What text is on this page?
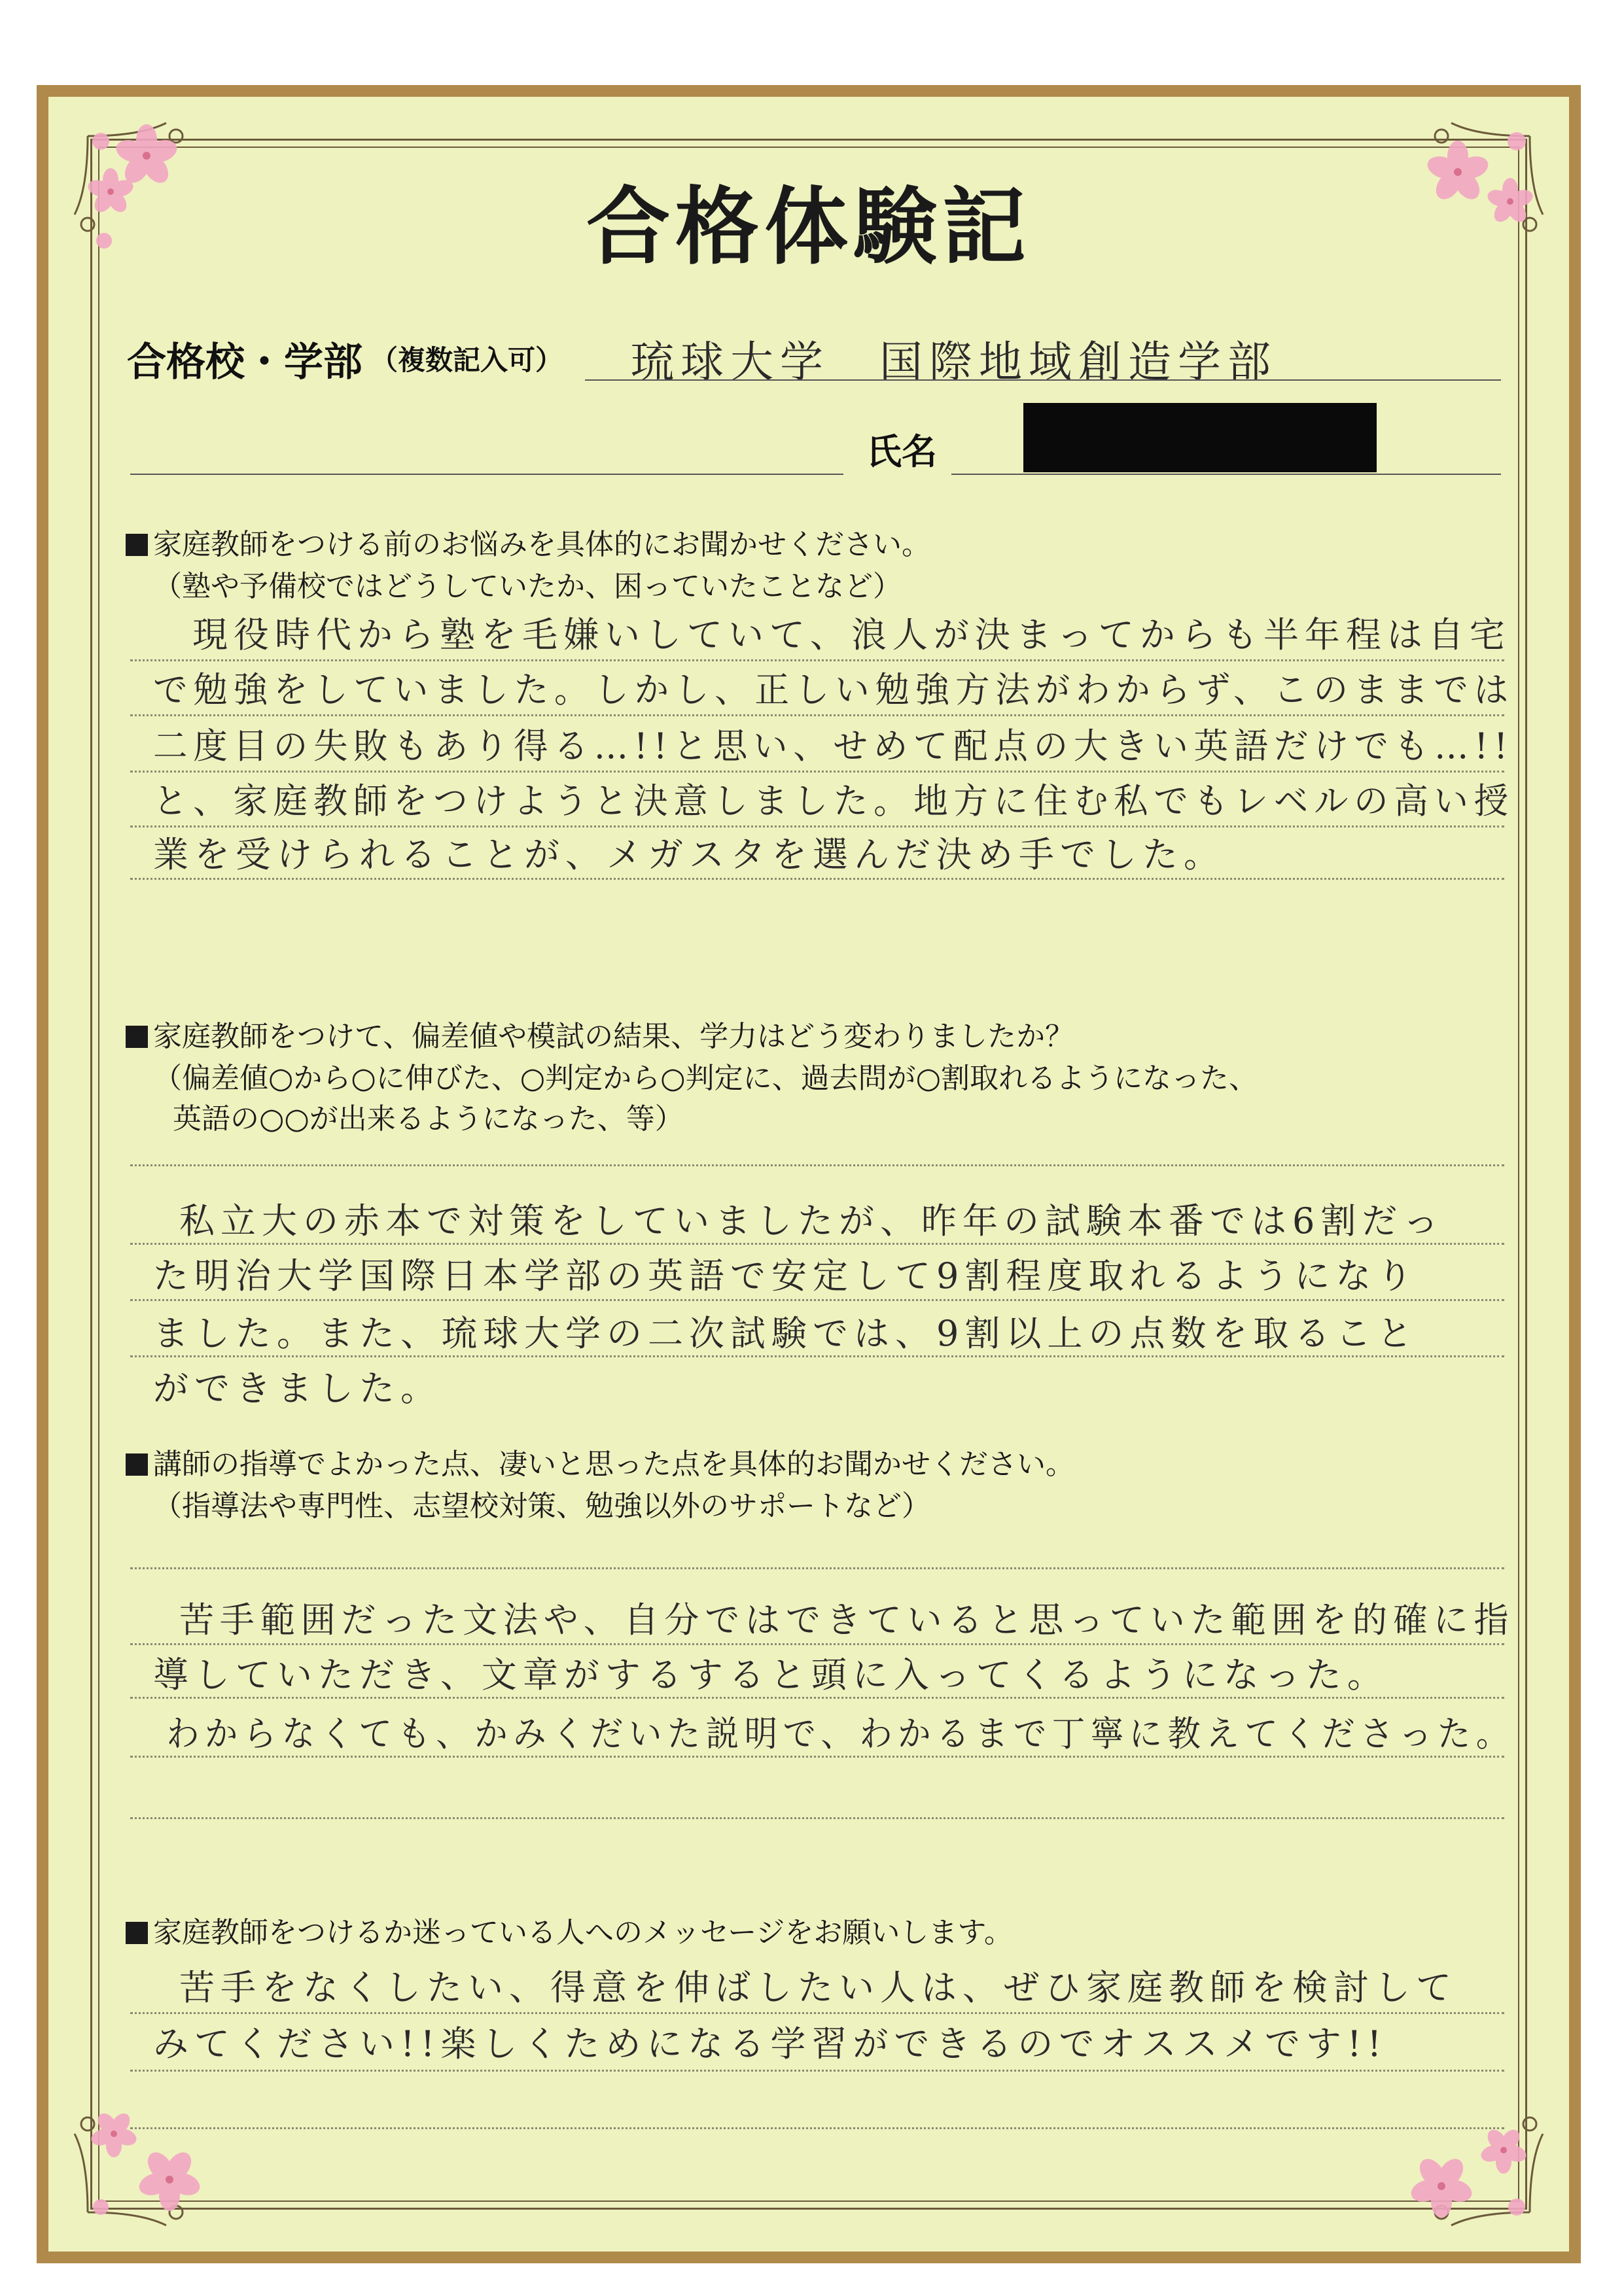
合格体験記
合格校・学部 （複数記入可） 琉球大学　国際地域創造学部
氏名
家庭教師をつける前のお悩みを具体的にお聞かせください。
（塾や予備校ではどうしていたか、困っていたことなど）
現役時代から塾を毛嫌いしていて、浪人が決まってからも半年程は自宅
で勉強をしていました。しかし、正しい勉強方法がわからず、このままでは
二度目の失敗もあり得る…!!と思い、せめて配点の大きい英語だけでも…!!
と、家庭教師をつけようと決意しました。地方に住む私でもレベルの高い授
業を受けられることが、メガスタを選んだ決め手でした。
家庭教師をつけて、偏差値や模試の結果、学力はどう変わりましたか？
（偏差値○から○に伸びた、○判定から○判定に、過去問が○割取れるようになった、
英語の○○が出来るようになった、等）
私立大の赤本で対策をしていましたが、昨年の試験本番では6割だっ
た明治大学国際日本学部の英語で安定して9割程度取れるようになり
ました。また、琉球大学の二次試験では、9割以上の点数を取ること
ができました。
講師の指導でよかった点、凄いと思った点を具体的お聞かせください。
（指導法や専門性、志望校対策、勉強以外のサポートなど）
苦手範囲だった文法や、自分ではできていると思っていた範囲を的確に指
導していただき、文章がするすると頭に入ってくるようになった。
わからなくても、かみくだいた説明で、わかるまで丁寧に教えてくださった。
家庭教師をつけるか迷っている人へのメッセージをお願いします。
苦手をなくしたい、得意を伸ばしたい人は、ぜひ家庭教師を検討して
みてください!!楽しくためになる学習ができるのでオススメです!!
